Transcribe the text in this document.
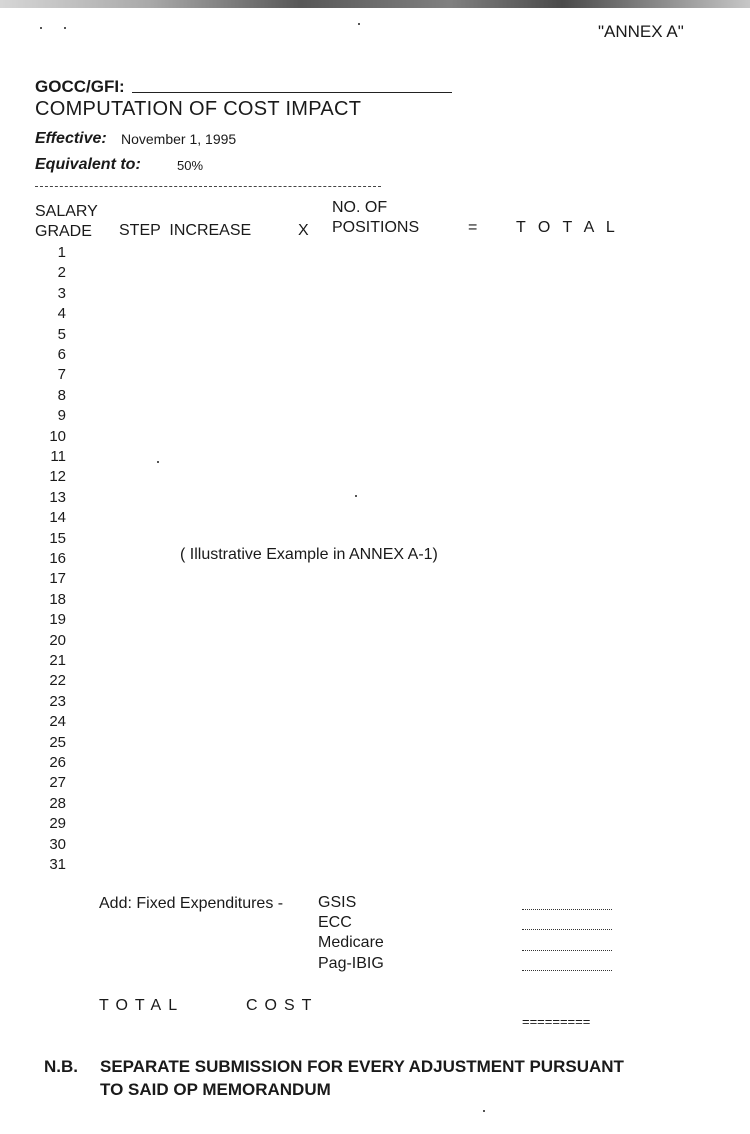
"ANNEX A"
GOCC/GFI:
COMPUTATION OF COST IMPACT
Effective: November 1, 1995
Equivalent to:	50%
SALARY
GRADE STEP  INCREASE	X
NO. OF
POSITIONS	= T O T A L
1
2
3
4
5
6
7
8
9
10
11
12
13
14
15
16
17
18
19
20
21
22
23
24
25
26
27
28
29
30
31
( Illustrative Example in ANNEX A-1)
Add: Fixed Expenditures - GSIS
ECC
Medicare
Pag-IBIG
TOTAL	COST
=========
N.B. SEPARATE SUBMISSION FOR EVERY ADJUSTMENT PURSUANT
TO SAID OP MEMORANDUM
